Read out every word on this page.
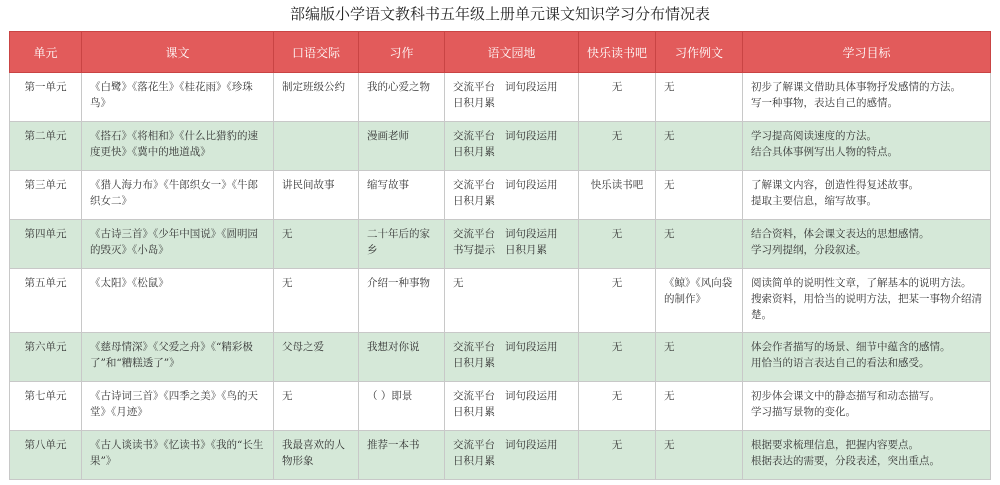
部编版小学语文教科书五年级上册单元课文知识学习分布情况表
单元	课文	口语交际	习作	语文园地	快乐读书吧	习作例文	学习目标
第一单元	《白鹭》《落花生》《桂花雨》《珍珠鸟》	制定班级公约	我的心爱之物	交流平台   词句段运用
日积月累	无	无	初步了解课文借助具体事物抒发感情的方法。
写一种事物，表达自己的感情。
第二单元	《搭石》《将相和》《什么比猎豹的速度更快》《冀中的地道战》		漫画老师	交流平台   词句段运用
日积月累	无	无	学习提高阅读速度的方法。
结合具体事例写出人物的特点。
第三单元	《猎人海力布》《牛郎织女一》《牛郎织女二》	讲民间故事	缩写故事	交流平台   词句段运用
日积月累	快乐读书吧	无	了解课文内容，创造性得复述故事。
提取主要信息，缩写故事。
第四单元	《古诗三首》《少年中国说》《圆明园的毁灭》《小岛》	无	二十年后的家乡	交流平台   词句段运用
书写提示   日积月累	无	无	结合资料，体会课文表达的思想感情。
学习列提纲，分段叙述。
第五单元	《太阳》《松鼠》	无	介绍一种事物	无	无	《鲸》《风向袋的制作》	阅读简单的说明性文章，了解基本的说明方法。
搜索资料，用恰当的说明方法，把某一事物介绍清楚。
第六单元	《慈母情深》《父爱之舟》《“精彩极了”和“糟糕透了”》	父母之爱	我想对你说	交流平台   词句段运用
日积月累	无	无	体会作者描写的场景、细节中蕴含的感情。
用恰当的语言表达自己的看法和感受。
第七单元	《古诗词三首》《四季之美》《鸟的天堂》《月迹》	无	（ ）即景	交流平台   词句段运用
日积月累	无	无	初步体会课文中的静态描写和动态描写。
学习描写景物的变化。
第八单元	《古人谈读书》《忆读书》《我的“长生果”》	我最喜欢的人物形象	推荐一本书	交流平台   词句段运用
日积月累	无	无	根据要求梳理信息，把握内容要点。
根据表达的需要，分段表述，突出重点。
